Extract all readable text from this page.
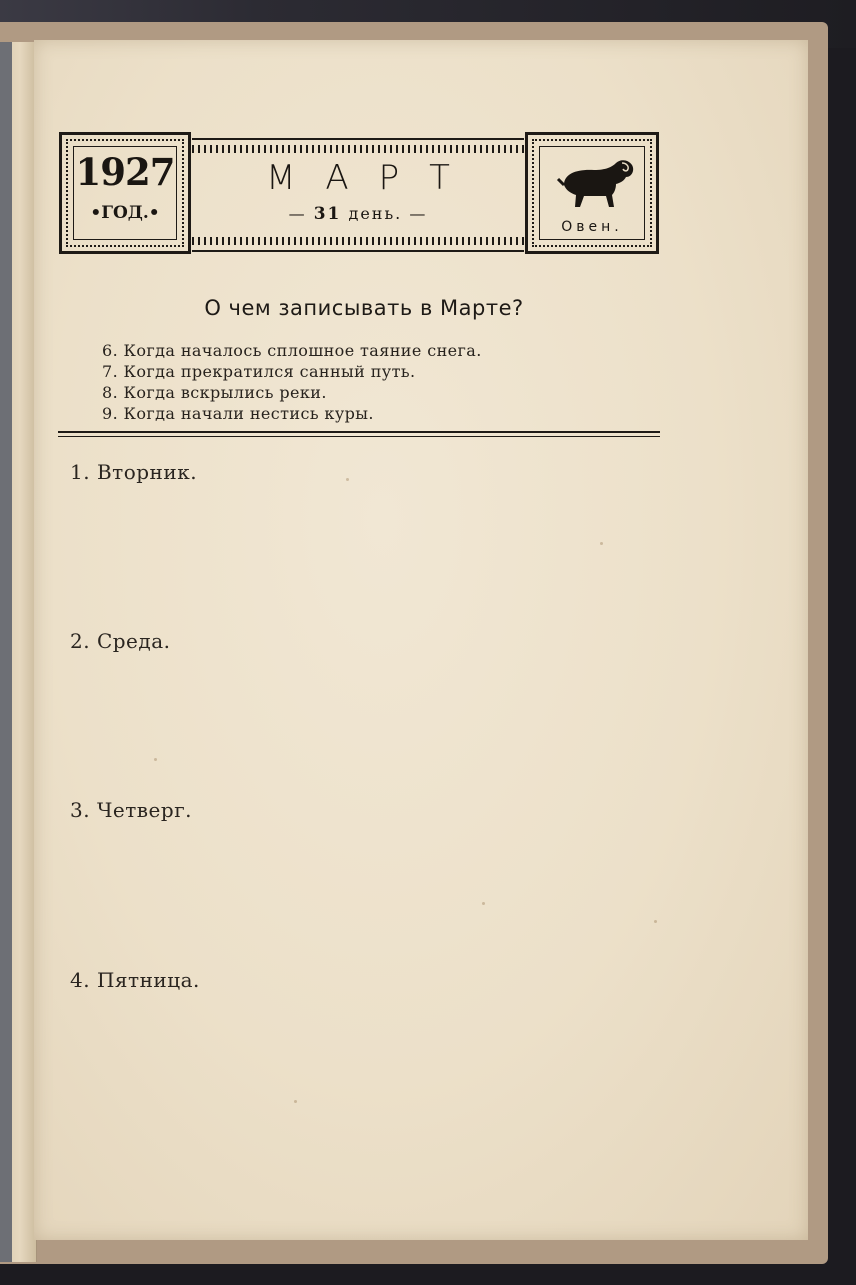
1927
•ГОД.•
МАРТ
— 31 день. —
Овен.
О чем записывать в Марте?
6. Когда началось сплошное таяние снега.
7. Когда прекратился санный путь.
8. Когда вскрылись реки.
9. Когда начали нестись куры.
1. Вторник.
2. Среда.
3. Четверг.
4. Пятница.
